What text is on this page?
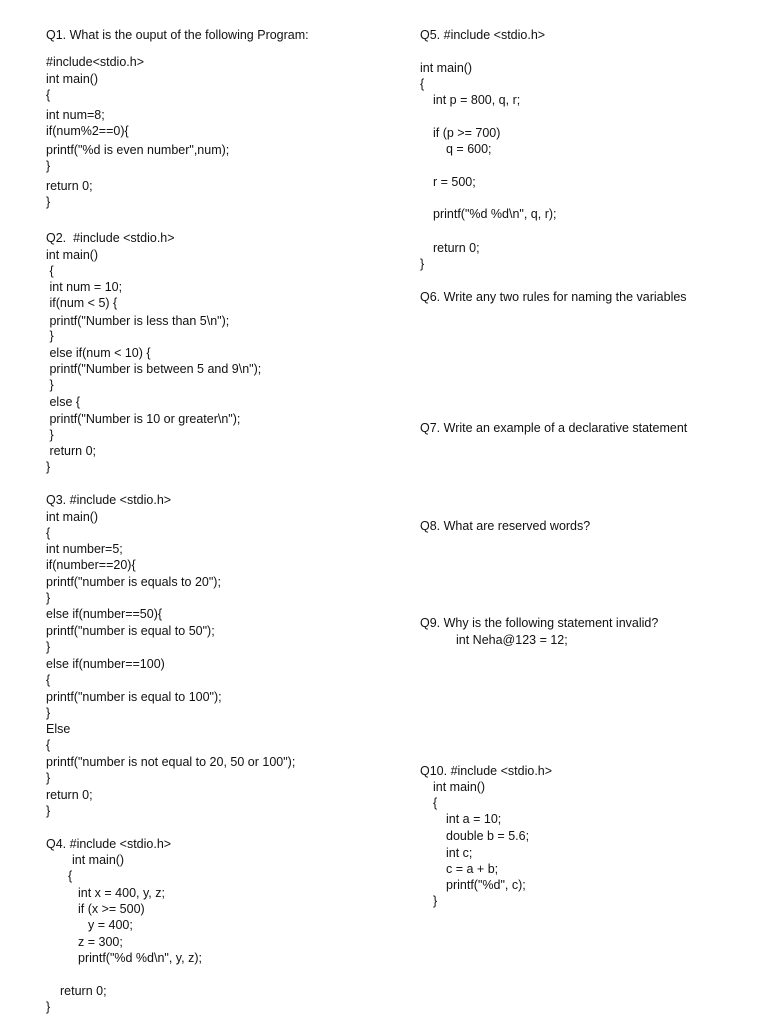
Q1. What is the ouput of the following Program:
#include<stdio.h>
int main()
{
int num=8;
if(num%2==0){
printf("%d is even number",num);
}
return 0;
}
Q2.  #include <stdio.h>
int main()
{
int num = 10;
if(num < 5) {
printf("Number is less than 5\n");
}
else if(num < 10) {
printf("Number is between 5 and 9\n");
}
else {
printf("Number is 10 or greater\n");
}
return 0;
}
Q3. #include <stdio.h>
int main()
{
int number=5;
if(number==20){
printf("number is equals to 20");
}
else if(number==50){
printf("number is equal to 50");
}
else if(number==100)
{
printf("number is equal to 100");
}
Else
{
printf("number is not equal to 20, 50 or 100");
}
return 0;
}
Q4. #include <stdio.h>
int main()
{
int x = 400, y, z;
if (x >= 500)
y = 400;
z = 300;
printf("%d %d\n", y, z);
return 0;
}
Q5. #include <stdio.h>
int main()
{
int p = 800, q, r;
if (p >= 700)
q = 600;
r = 500;
printf("%d %d\n", q, r);
return 0;
}
Q6. Write any two rules for naming the variables
Q7. Write an example of a declarative statement
Q8. What are reserved words?
Q9. Why is the following statement invalid?
int Neha@123 = 12;
Q10. #include <stdio.h>
int main()
{
int a = 10;
double b = 5.6;
int c;
c = a + b;
printf("%d", c);
}
